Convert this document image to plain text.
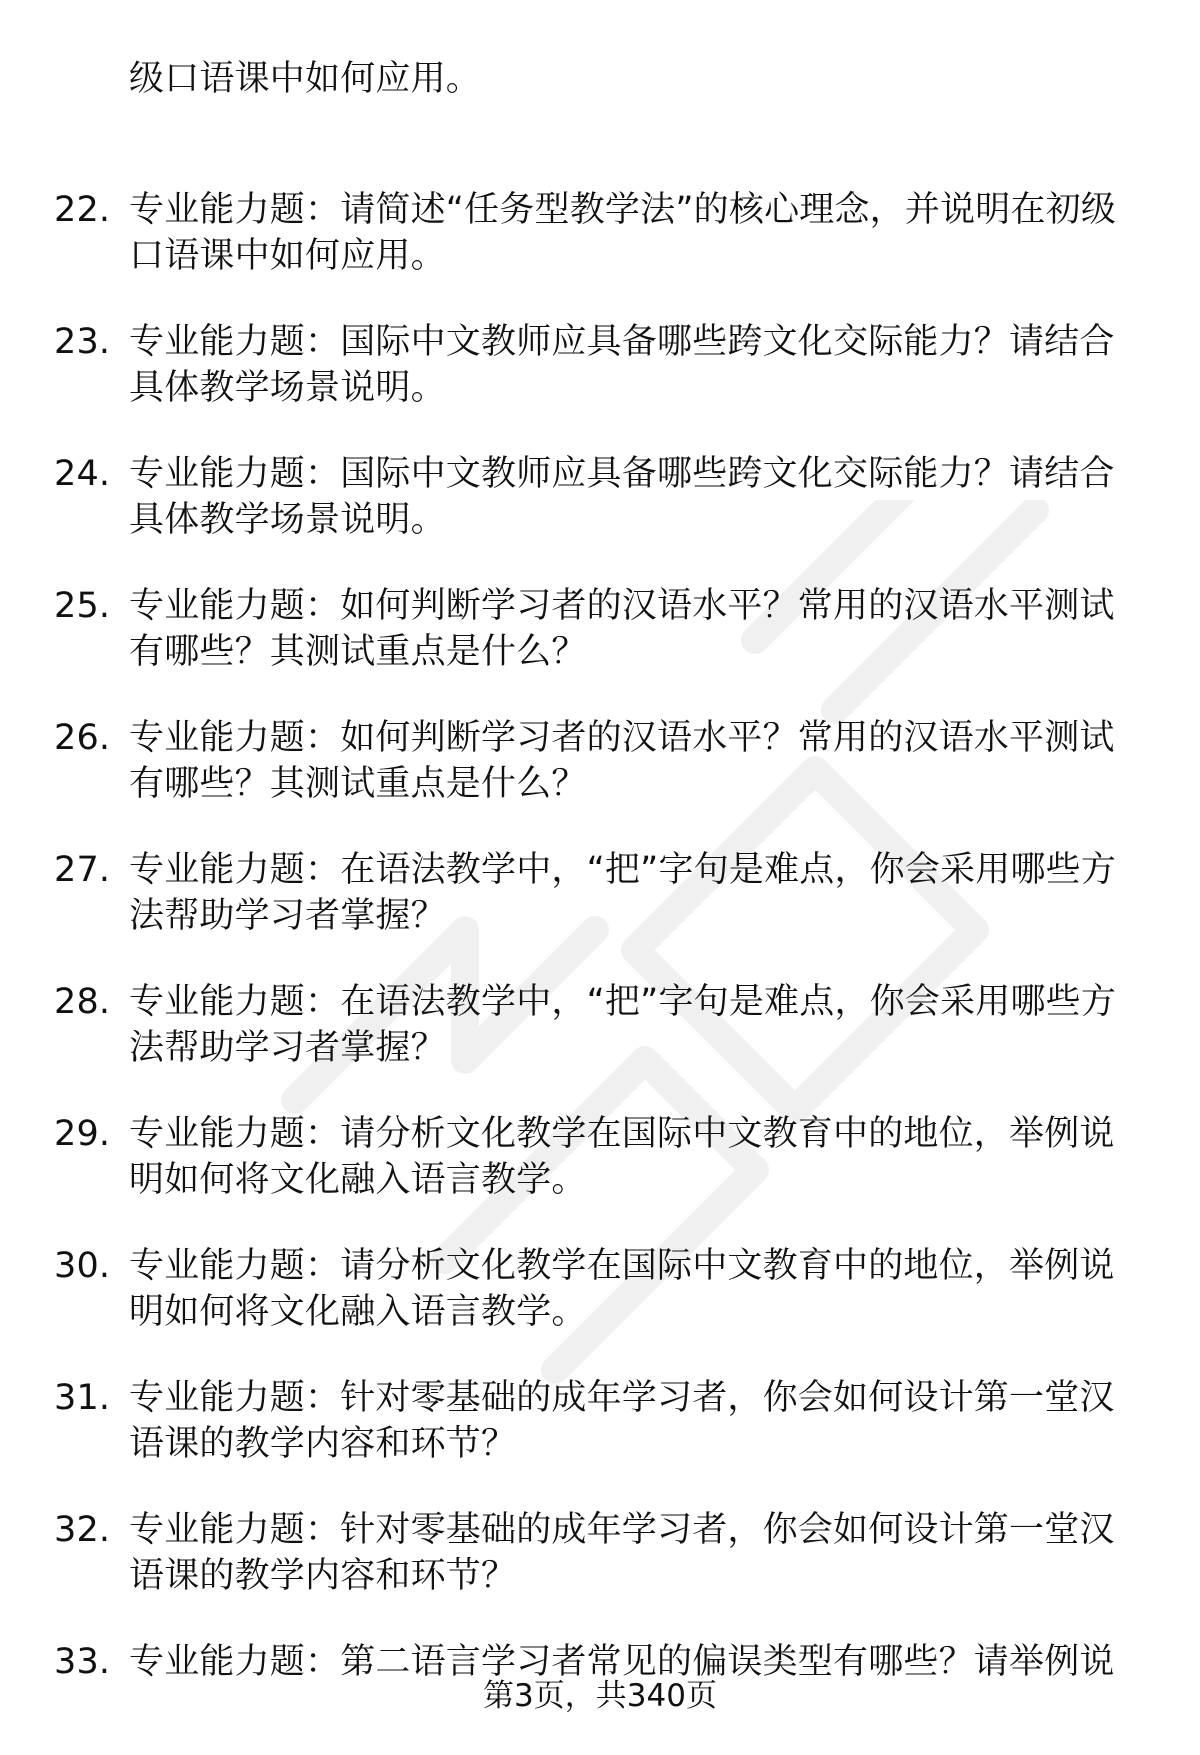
级口语课中如何应用。
22. 专业能力题：请简述“任务型教学法”的核心理念，并说明在初级口语课中如何应用。
23. 专业能力题：国际中文教师应具备哪些跨文化交际能力？请结合具体教学场景说明。
24. 专业能力题：国际中文教师应具备哪些跨文化交际能力？请结合具体教学场景说明。
25. 专业能力题：如何判断学习者的汉语水平？常用的汉语水平测试有哪些？其测试重点是什么？
26. 专业能力题：如何判断学习者的汉语水平？常用的汉语水平测试有哪些？其测试重点是什么？
27. 专业能力题：在语法教学中，“把”字句是难点，你会采用哪些方法帮助学习者掌握？
28. 专业能力题：在语法教学中，“把”字句是难点，你会采用哪些方法帮助学习者掌握？
29. 专业能力题：请分析文化教学在国际中文教育中的地位，举例说明如何将文化融入语言教学。
30. 专业能力题：请分析文化教学在国际中文教育中的地位，举例说明如何将文化融入语言教学。
31. 专业能力题：针对零基础的成年学习者，你会如何设计第一堂汉语课的教学内容和环节？
32. 专业能力题：针对零基础的成年学习者，你会如何设计第一堂汉语课的教学内容和环节？
33. 专业能力题：第二语言学习者常见的偏误类型有哪些？请举例说
第3页，共340页
